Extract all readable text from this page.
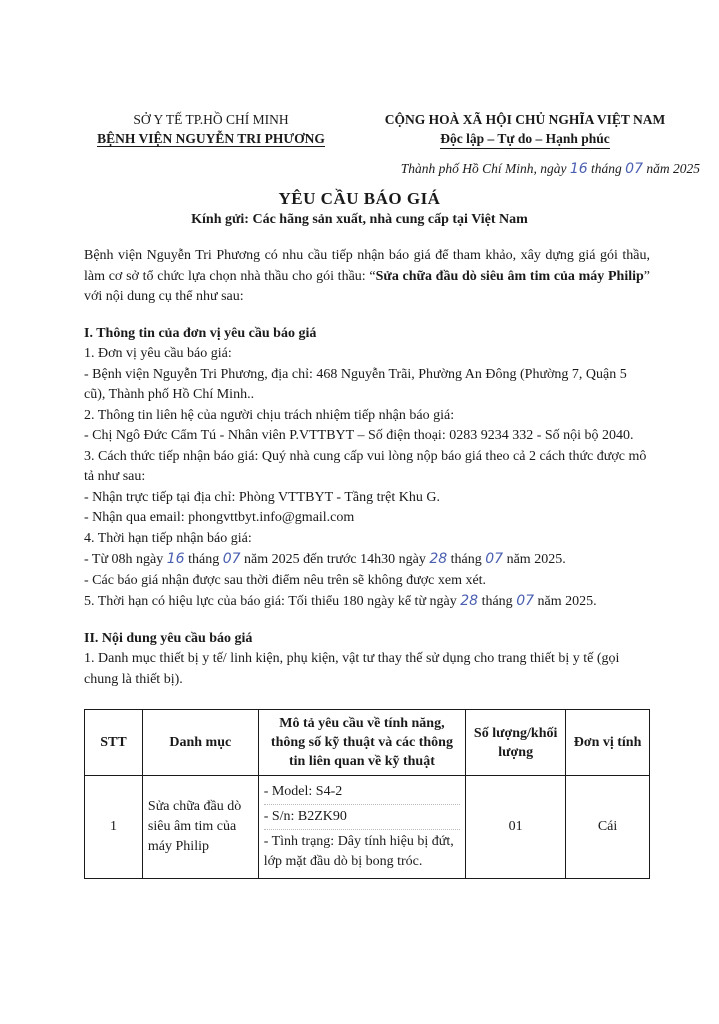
SỞ Y TẾ TP.HỒ CHÍ MINH
BỆNH VIỆN NGUYỄN TRI PHƯƠNG
CỘNG HOÀ XÃ HỘI CHỦ NGHĨA VIỆT NAM
Độc lập – Tự do – Hạnh phúc
Thành phố Hồ Chí Minh, ngày 16 tháng 07 năm 2025
YÊU CẦU BÁO GIÁ
Kính gửi: Các hãng sản xuất, nhà cung cấp tại Việt Nam

Bệnh viện Nguyễn Tri Phương có nhu cầu tiếp nhận báo giá để tham khảo, xây dựng giá gói thầu, làm cơ sở tổ chức lựa chọn nhà thầu cho gói thầu: “Sửa chữa đầu dò siêu âm tim của máy Philip” với nội dung cụ thể như sau:

I. Thông tin của đơn vị yêu cầu báo giá

1. Đơn vị yêu cầu báo giá:

- Bệnh viện Nguyễn Tri Phương, địa chỉ: 468 Nguyễn Trãi, Phường An Đông (Phường 7, Quận 5 cũ), Thành phố Hồ Chí Minh..

2. Thông tin liên hệ của người chịu trách nhiệm tiếp nhận báo giá:

- Chị Ngô Đức Cẩm Tú - Nhân viên P.VTTBYT – Số điện thoại: 0283 9234 332 - Số nội bộ 2040.

3. Cách thức tiếp nhận báo giá: Quý nhà cung cấp vui lòng nộp báo giá theo cả 2 cách thức được mô tả như sau:

- Nhận trực tiếp tại địa chỉ: Phòng VTTBYT - Tầng trệt Khu G.

- Nhận qua email: phongvttbyt.info@gmail.com

4. Thời hạn tiếp nhận báo giá:

- Từ 08h ngày 16 tháng 07 năm 2025 đến trước 14h30 ngày 28 tháng 07 năm 2025.

- Các báo giá nhận được sau thời điểm nêu trên sẽ không được xem xét.

5. Thời hạn có hiệu lực của báo giá: Tối thiểu 180 ngày kể từ ngày 28 tháng 07 năm 2025.

II. Nội dung yêu cầu báo giá

1. Danh mục thiết bị y tế/ linh kiện, phụ kiện, vật tư thay thế sử dụng cho trang thiết bị y tế (gọi chung là thiết bị).

STT	Danh mục	Mô tả yêu cầu về tính năng, thông số kỹ thuật và các thông tin liên quan về kỹ thuật	Số lượng/khối lượng	Đơn vị tính
1	Sửa chữa đầu dò siêu âm tim của máy Philip	- Model: S4-2
- S/n: B2ZK90
- Tình trạng: Dây tính hiệu bị đứt, lớp mặt đầu dò bị bong tróc.	01	Cái
